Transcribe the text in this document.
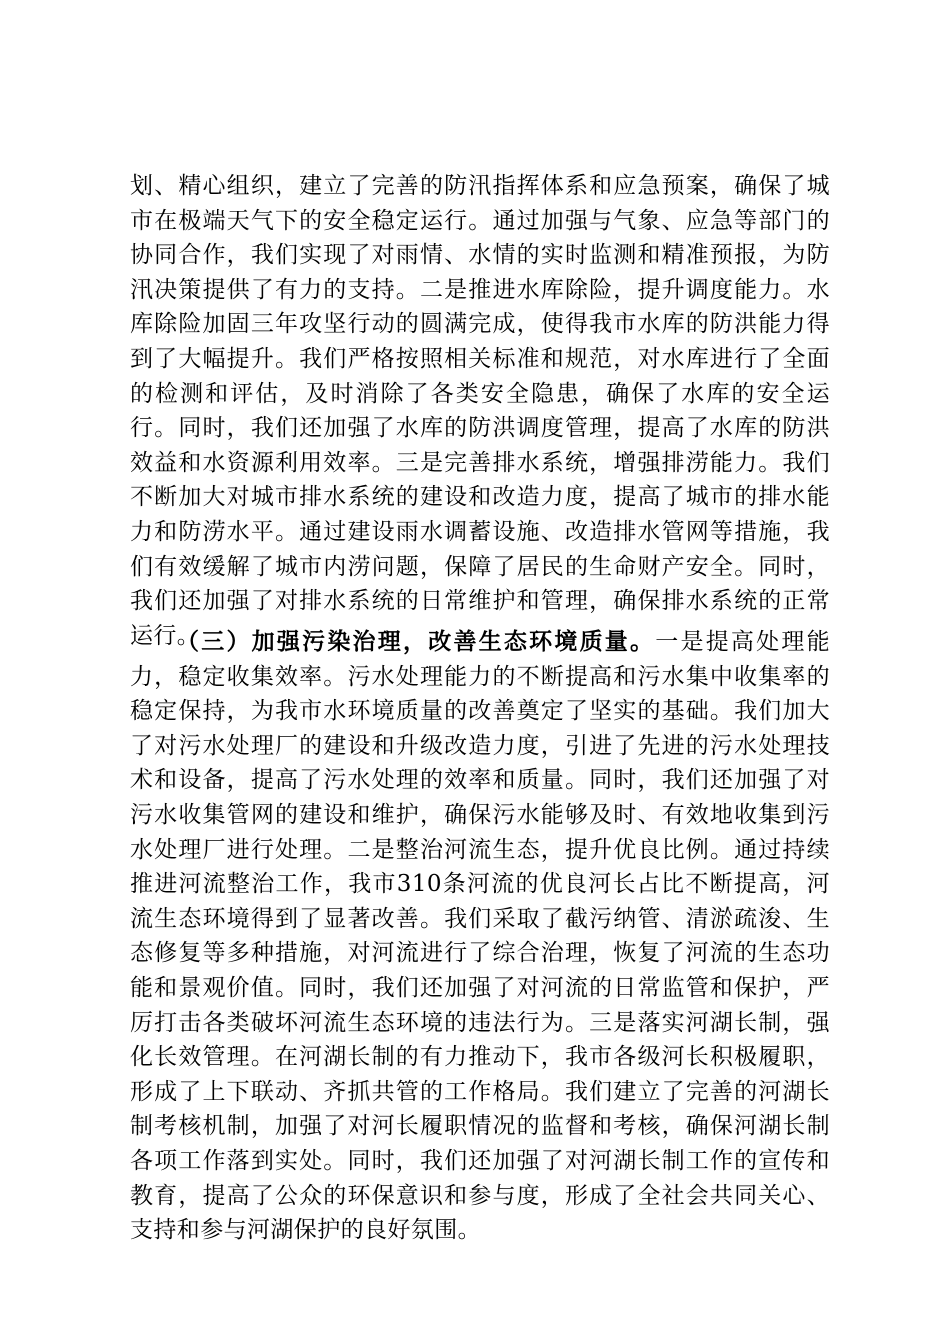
划、精心组织，建立了完善的防汛指挥体系和应急预案，确保了城市在极端天气下的安全稳定运行。通过加强与气象、应急等部门的协同合作，我们实现了对雨情、水情的实时监测和精准预报，为防汛决策提供了有力的支持。二是推进水库除险，提升调度能力。水库除险加固三年攻坚行动的圆满完成，使得我市水库的防洪能力得到了大幅提升。我们严格按照相关标准和规范，对水库进行了全面的检测和评估，及时消除了各类安全隐患，确保了水库的安全运行。同时，我们还加强了水库的防洪调度管理，提高了水库的防洪效益和水资源利用效率。三是完善排水系统，增强排涝能力。我们不断加大对城市排水系统的建设和改造力度，提高了城市的排水能力和防涝水平。通过建设雨水调蓄设施、改造排水管网等措施，我们有效缓解了城市内涝问题，保障了居民的生命财产安全。同时，我们还加强了对排水系统的日常维护和管理，确保排水系统的正常运行。

（三）加强污染治理，改善生态环境质量。一是提高处理能力，稳定收集效率。污水处理能力的不断提高和污水集中收集率的稳定保持，为我市水环境质量的改善奠定了坚实的基础。我们加大了对污水处理厂的建设和升级改造力度，引进了先进的污水处理技术和设备，提高了污水处理的效率和质量。同时，我们还加强了对污水收集管网的建设和维护，确保污水能够及时、有效地收集到污水处理厂进行处理。二是整治河流生态，提升优良比例。通过持续推进河流整治工作，我市310条河流的优良河长占比不断提高，河流生态环境得到了显著改善。我们采取了截污纳管、清淤疏浚、生态修复等多种措施，对河流进行了综合治理，恢复了河流的生态功能和景观价值。同时，我们还加强了对河流的日常监管和保护，严厉打击各类破坏河流生态环境的违法行为。三是落实河湖长制，强化长效管理。在河湖长制的有力推动下，我市各级河长积极履职，形成了上下联动、齐抓共管的工作格局。我们建立了完善的河湖长制考核机制，加强了对河长履职情况的监督和考核，确保河湖长制各项工作落到实处。同时，我们还加强了对河湖长制工作的宣传和教育，提高了公众的环保意识和参与度，形成了全社会共同关心、支持和参与河湖保护的良好氛围。
